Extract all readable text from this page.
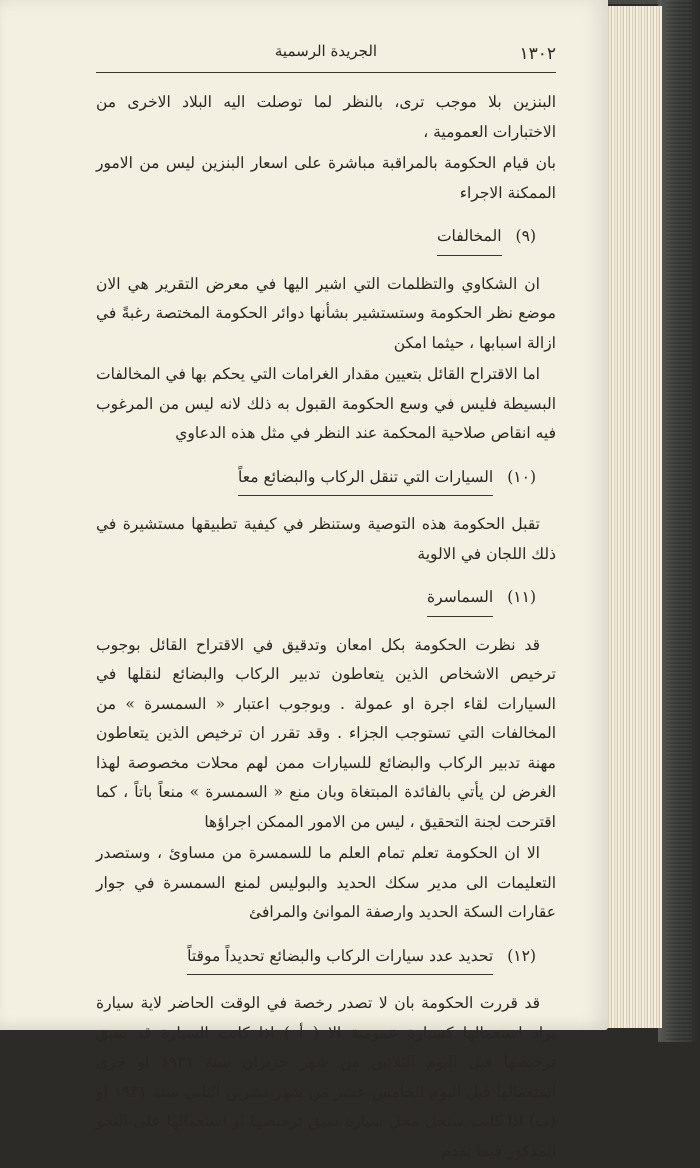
١٣٠٢
الجريدة الرسمية

البنزين بلا موجب ترى، بالنظر لما توصلت اليه البلاد الاخرى من الاختبارات العمومية ،

بان قيام الحكومة بالمراقبة مباشرة على اسعار البنزين ليس من الامور الممكنة الاجراء

(٩)
المخالفات

ان الشكاوي والتظلمات التي اشير اليها في معرض التقرير هي الان موضع نظر الحكومة وستستشير بشأنها دوائر الحكومة المختصة رغبةً في ازالة اسبابها ، حيثما امكن

اما الاقتراح القائل بتعيين مقدار الغرامات التي يحكم بها في المخالفات البسيطة فليس في وسع الحكومة القبول به ذلك لانه ليس من المرغوب فيه انقاص صلاحية المحكمة عند النظر في مثل هذه الدعاوي

(١٠)
السيارات التي تنقل الركاب والبضائع معاً

تقبل الحكومة هذه التوصية وستنظر في كيفية تطبيقها مستشيرة في ذلك اللجان في الالوية

(١١)
السماسرة

قد نظرت الحكومة بكل امعان وتدقيق في الاقتراح القائل بوجوب ترخيص الاشخاص الذين يتعاطون تدبير الركاب والبضائع لنقلها في السيارات لقاء اجرة او عمولة . وبوجوب اعتبار « السمسرة » من المخالفات التي تستوجب الجزاء . وقد تقرر ان ترخيص الذين يتعاطون مهنة تدبير الركاب والبضائع للسيارات ممن لهم محلات مخصوصة لهذا الغرض لن يأتي بالفائدة المبتغاة وبان منع « السمسرة » منعاً باتاً ، كما اقترحت لجنة التحقيق ، ليس من الامور الممكن اجراؤها

الا ان الحكومة تعلم تمام العلم ما للسمسرة من مساوئ ، وستصدر التعليمات الى مدير سكك الحديد والبوليس لمنع السمسرة في جوار عقارات السكة الحديد وارصفة الموانئ والمرافئ

(١٢)
تحديد عدد سيارات الركاب والبضائع تحديداً موقتاً

قد قررت الحكومة بان لا تصدر رخصة في الوقت الحاضر لاية سيارة يراد استعمالها كسيارة عمومية الا ( أ ) اذا كانت السيارة قد سبق ترخيصها قبل اليوم الثلاثين من شهر حزيران سنة ١٩٣١ او جرى استعمالها قبل اليوم الخامس عشر من شهر تشرين الثاني سنة ١٩٣١ او (ب) اذا كانت ستحل محل سيارة سبق ترخيصها او استعمالها على النحو المذكور فيما تقدم
